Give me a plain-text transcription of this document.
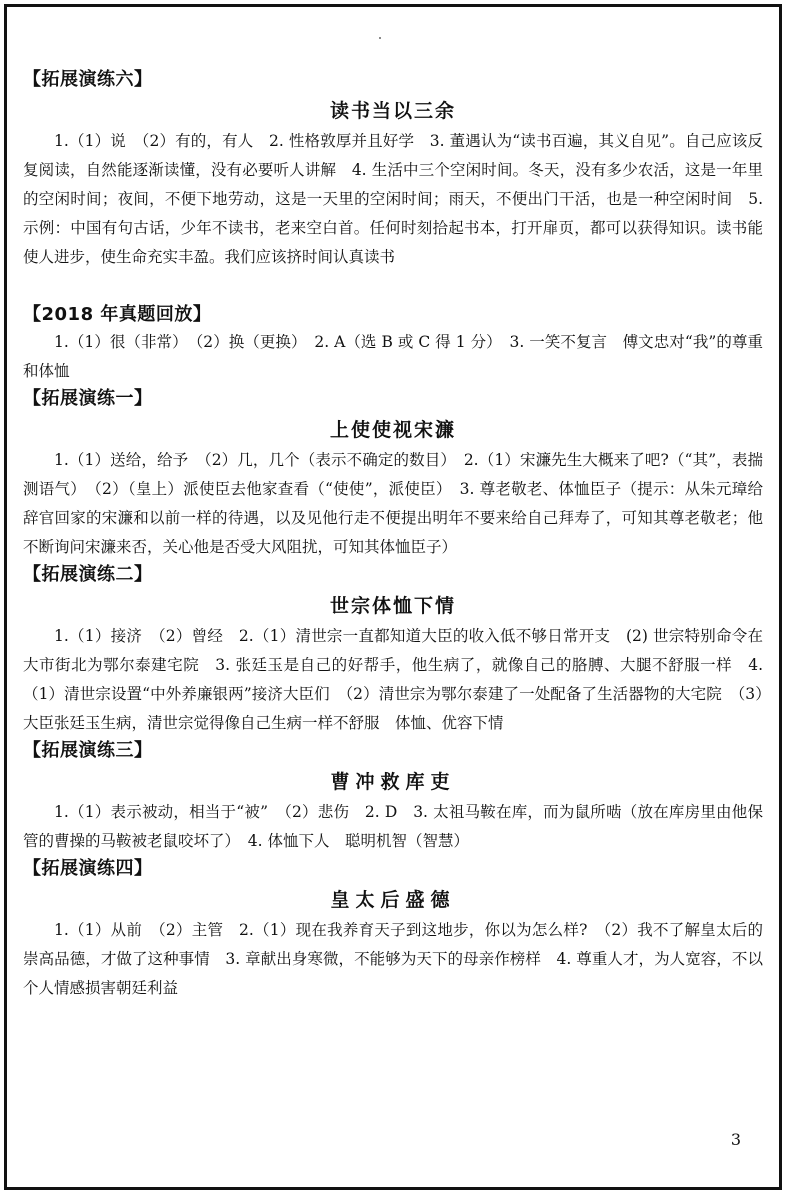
【拓展演练六】

读书当以三余

1.（1）说　（2）有的，有人　2. 性格敦厚并且好学　3. 董遇认为“读书百遍，其义自见”。自己应该反复阅读，自然能逐渐读懂，没有必要听人讲解　4. 生活中三个空闲时间。冬天，没有多少农活，这是一年里的空闲时间；夜间，不便下地劳动，这是一天里的空闲时间；雨天，不便出门干活，也是一种空闲时间　5. 示例：中国有句古话，少年不读书，老来空白首。任何时刻拾起书本，打开扉页，都可以获得知识。读书能使人进步，使生命充实丰盈。我们应该挤时间认真读书

【2018 年真题回放】

1.（1）很（非常）　（2）换（更换）　2. A（选 B 或 C 得 1 分）　3. 一笑不复言　傅文忠对“我”的尊重和体恤

【拓展演练一】

上使使视宋濂

1.（1）送给，给予　（2）几，几个（表示不确定的数目）　2.（1）宋濂先生大概来了吧?（“其”，表揣测语气）　（2）（皇上）派使臣去他家查看（“使使”，派使臣）　3. 尊老敬老、体恤臣子（提示：从朱元璋给辞官回家的宋濂和以前一样的待遇，以及见他行走不便提出明年不要来给自己拜寿了，可知其尊老敬老；他不断询问宋濂来否，关心他是否受大风阻扰，可知其体恤臣子）

【拓展演练二】

世宗体恤下情

1.（1）接济　（2）曾经　2.（1）清世宗一直都知道大臣的收入低不够日常开支　(2) 世宗特别命令在大市街北为鄂尔泰建宅院　3. 张廷玉是自己的好帮手，他生病了，就像自己的胳膊、大腿不舒服一样　4.（1）清世宗设置“中外养廉银两”接济大臣们　（2）清世宗为鄂尔泰建了一处配备了生活器物的大宅院　（3）大臣张廷玉生病，清世宗觉得像自己生病一样不舒服　体恤、优容下情

【拓展演练三】

曹冲救库吏

1.（1）表示被动，相当于“被”　（2）悲伤　2. D　3. 太祖马鞍在库，而为鼠所啮（放在库房里由他保管的曹操的马鞍被老鼠咬坏了）　4. 体恤下人　聪明机智（智慧）

【拓展演练四】

皇太后盛德

1.（1）从前　（2）主管　2.（1）现在我养育天子到这地步，你以为怎么样?　（2）我不了解皇太后的崇高品德，才做了这种事情　3. 章献出身寒微，不能够为天下的母亲作榜样　4. 尊重人才，为人宽容，不以个人情感损害朝廷利益

3
